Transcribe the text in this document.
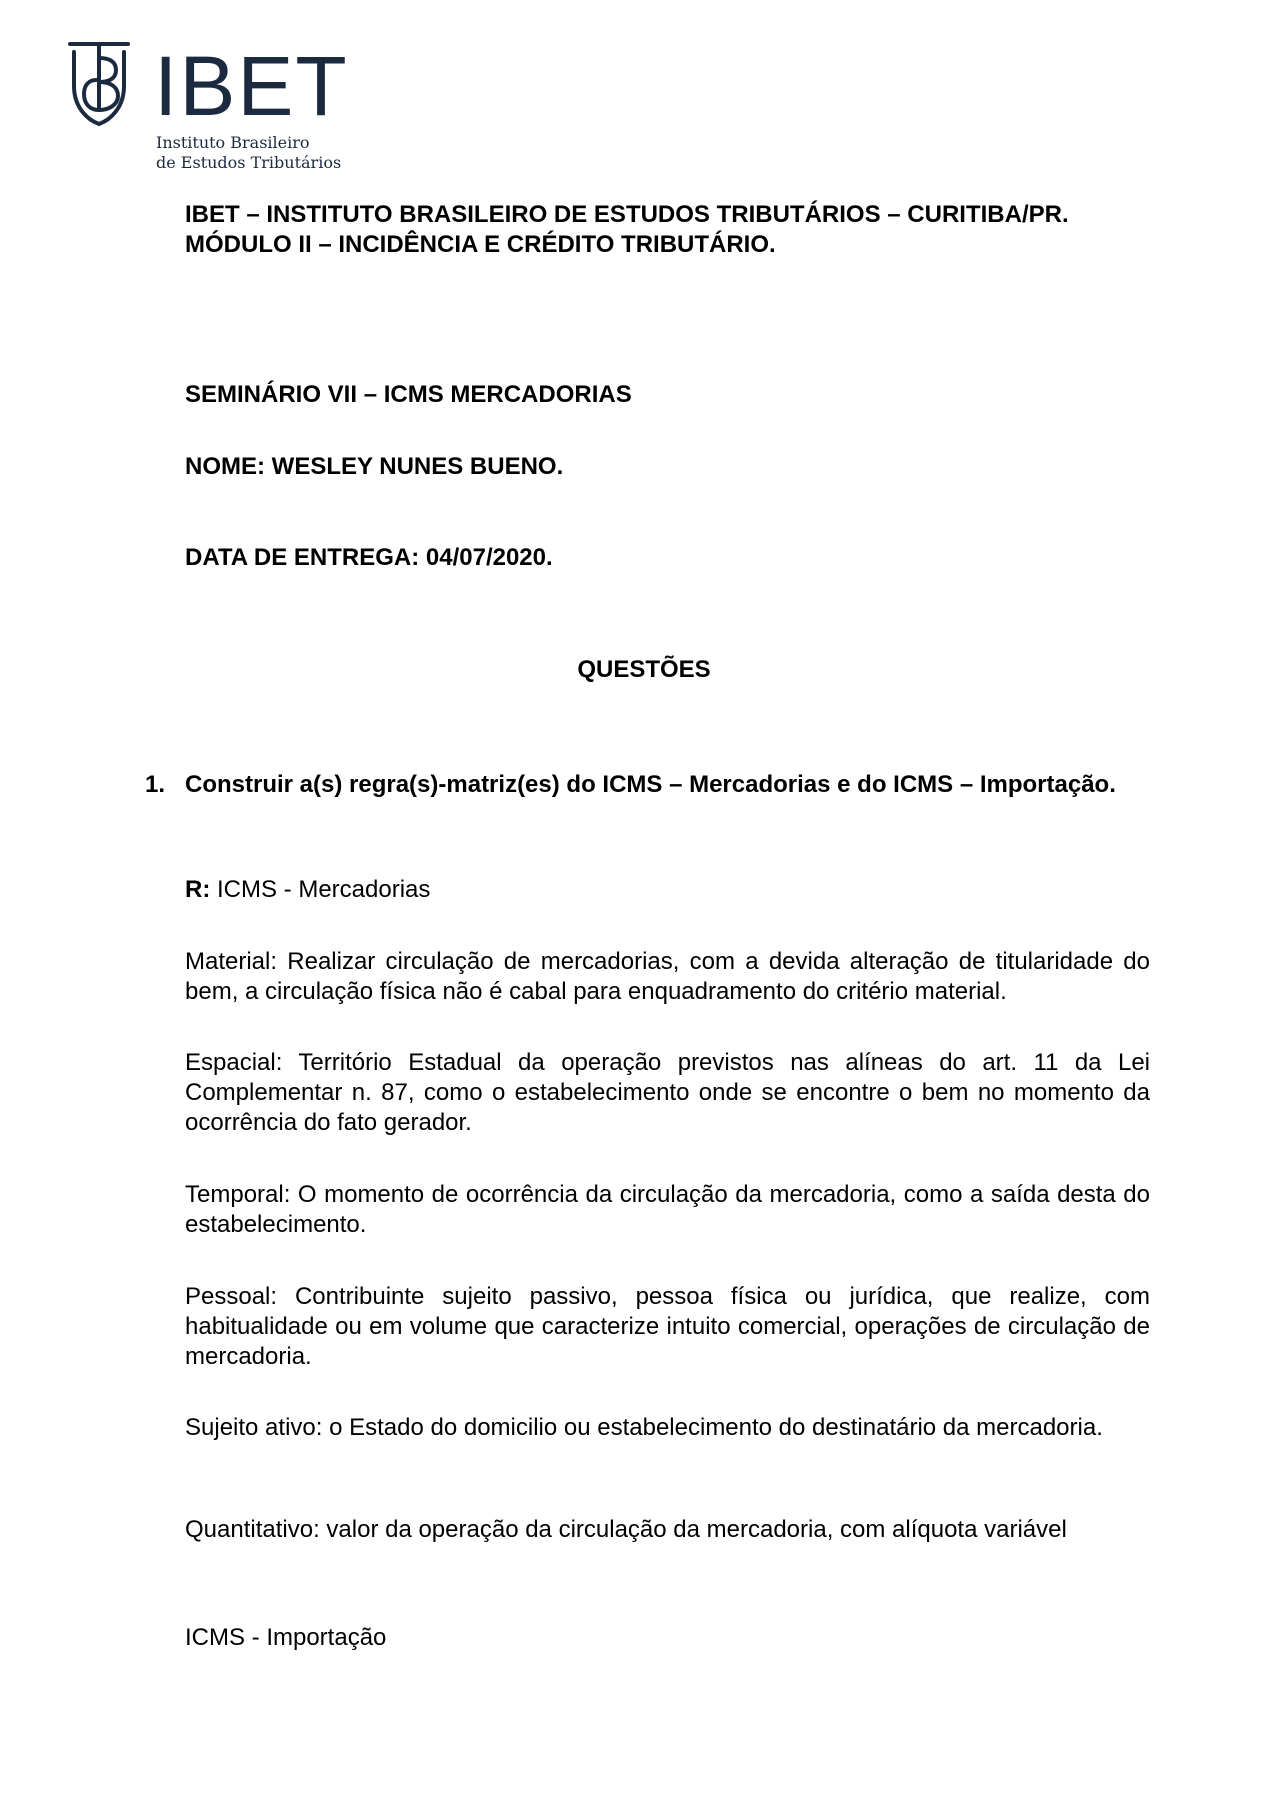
IBET
Instituto Brasileiro
de Estudos Tributários
IBET – INSTITUTO BRASILEIRO DE ESTUDOS TRIBUTÁRIOS – CURITIBA/PR.
MÓDULO II – INCIDÊNCIA E CRÉDITO TRIBUTÁRIO.
SEMINÁRIO VII – ICMS MERCADORIAS
NOME: WESLEY NUNES BUENO.
DATA DE ENTREGA: 04/07/2020.
QUESTÕES
1. Construir a(s) regra(s)-matriz(es) do ICMS – Mercadorias e do ICMS – Importação.
R: ICMS - Mercadorias
Material: Realizar circulação de mercadorias, com a devida alteração de titularidade do bem, a circulação física não é cabal para enquadramento do critério material.
Espacial: Território Estadual da operação previstos nas alíneas do art. 11 da Lei Complementar n. 87, como o estabelecimento onde se encontre o bem no momento da ocorrência do fato gerador.
Temporal: O momento de ocorrência da circulação da mercadoria, como a saída desta do estabelecimento.
Pessoal: Contribuinte sujeito passivo, pessoa física ou jurídica, que realize, com habitualidade ou em volume que caracterize intuito comercial, operações de circulação de mercadoria.
Sujeito ativo: o Estado do domicilio ou estabelecimento do destinatário da mercadoria.
Quantitativo: valor da operação da circulação da mercadoria, com alíquota variável
ICMS - Importação
